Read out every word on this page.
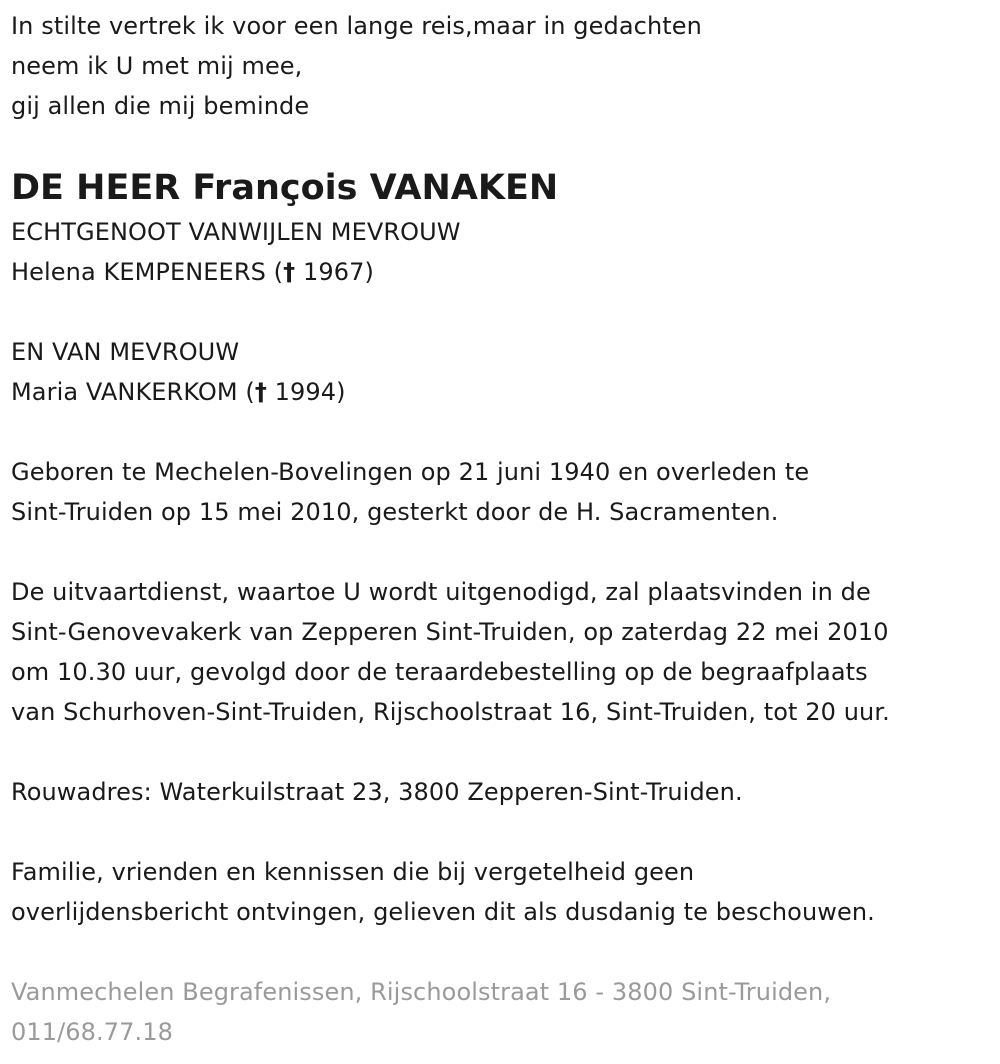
In stilte vertrek ik voor een lange reis,maar in gedachten
neem ik U met mij mee,
gij allen die mij beminde
DE HEER François VANAKEN
ECHTGENOOT VANWIJLEN MEVROUW
Helena KEMPENEERS († 1967)
EN VAN MEVROUW
Maria VANKERKOM († 1994)
Geboren te Mechelen-Bovelingen op 21 juni 1940 en overleden te
Sint-Truiden op 15 mei 2010, gesterkt door de H. Sacramenten.
De uitvaartdienst, waartoe U wordt uitgenodigd, zal plaatsvinden in de
Sint-Genovevakerk van Zepperen Sint-Truiden, op zaterdag 22 mei 2010
om 10.30 uur, gevolgd door de teraardebestelling op de begraafplaats
van Schurhoven-Sint-Truiden, Rijschoolstraat 16, Sint-Truiden, tot 20 uur.
Rouwadres: Waterkuilstraat 23, 3800 Zepperen-Sint-Truiden.
Familie, vrienden en kennissen die bij vergetelheid geen
overlijdensbericht ontvingen, gelieven dit als dusdanig te beschouwen.
Vanmechelen Begrafenissen, Rijschoolstraat 16 - 3800 Sint-Truiden,
011/68.77.18
